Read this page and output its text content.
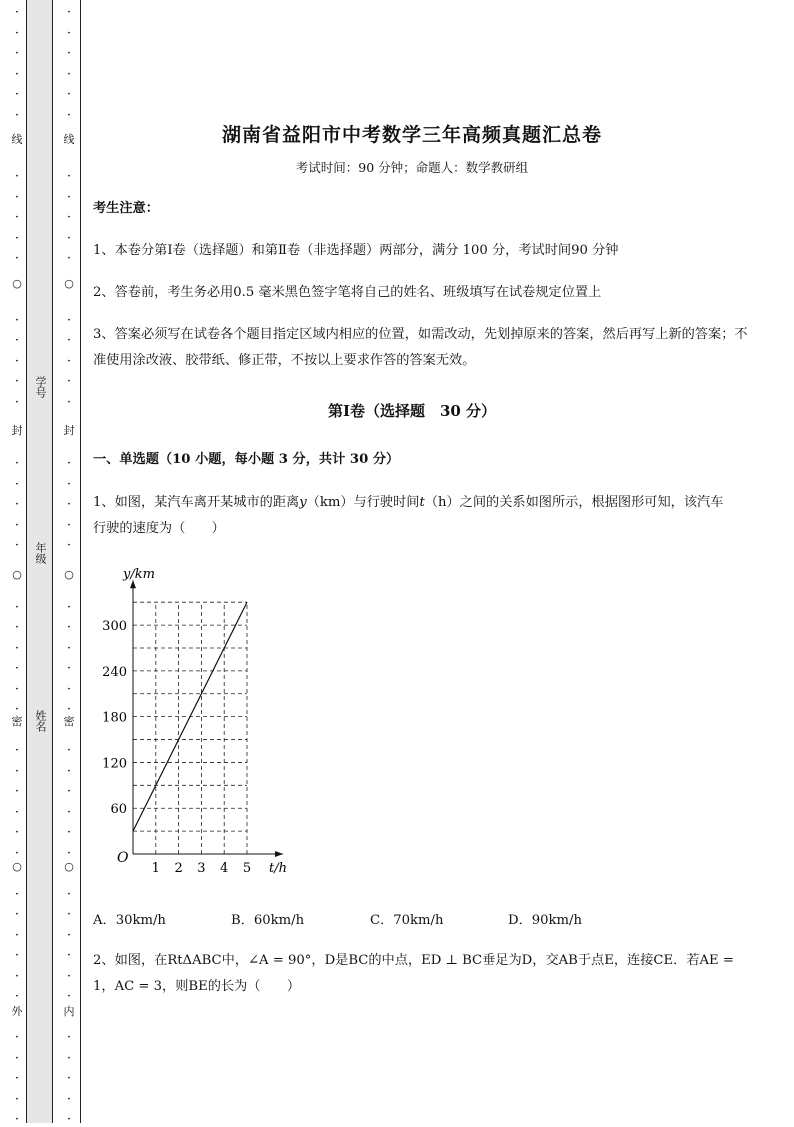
·
·
·
·
·
·
·
·
·
·
·
·
·
·
·
·
·
·
·
·
·
·
·
·
·
·
·
·
·
·
·
·
·
·
·
·
·
·
·
·
·
·
·
·
·
·
·
·
·
·
·
·
·
·
·
·
·
·
·
·
·
·
·
·
·
·
·
·
·
·
·
·
·
·
·
·
·
·
·
·
·
·
·
·
·
·
·
·
线
○
封
○
密
○
外
线
○
封
○
密
○
内
学号
年级
姓名
湖南省益阳市中考数学三年高频真题汇总卷
考试时间：90 分钟；命题人：数学教研组
考生注意：
1、本卷分第Ⅰ卷（选择题）和第Ⅱ卷（非选择题）两部分，满分 100 分，考试时间90 分钟
2、答卷前，考生务必用0.5 毫米黑色签字笔将自己的姓名、班级填写在试卷规定位置上
3、答案必须写在试卷各个题目指定区域内相应的位置，如需改动，先划掉原来的答案，然后再写上新的答案；不准使用涂改液、胶带纸、修正带，不按以上要求作答的答案无效。
第Ⅰ卷（选择题　30 分）
一、单选题（10 小题，每小题 3 分，共计 30 分）
1、如图，某汽车离开某城市的距离y（km）与行驶时间t（h）之间的关系如图所示，根据图形可知，该汽车行驶的速度为（　　）
1 2 3 4 5
60
120
180
240
300
O
t/h
y/km
A．30km/h	B．60km/h	C．70km/h	D．90km/h
2、如图，在RtΔABC中，∠A = 90°，D是BC的中点，ED ⊥ BC垂足为D，交AB于点E，连接CE．若AE = 1，AC = 3，则BE的长为（　　）
